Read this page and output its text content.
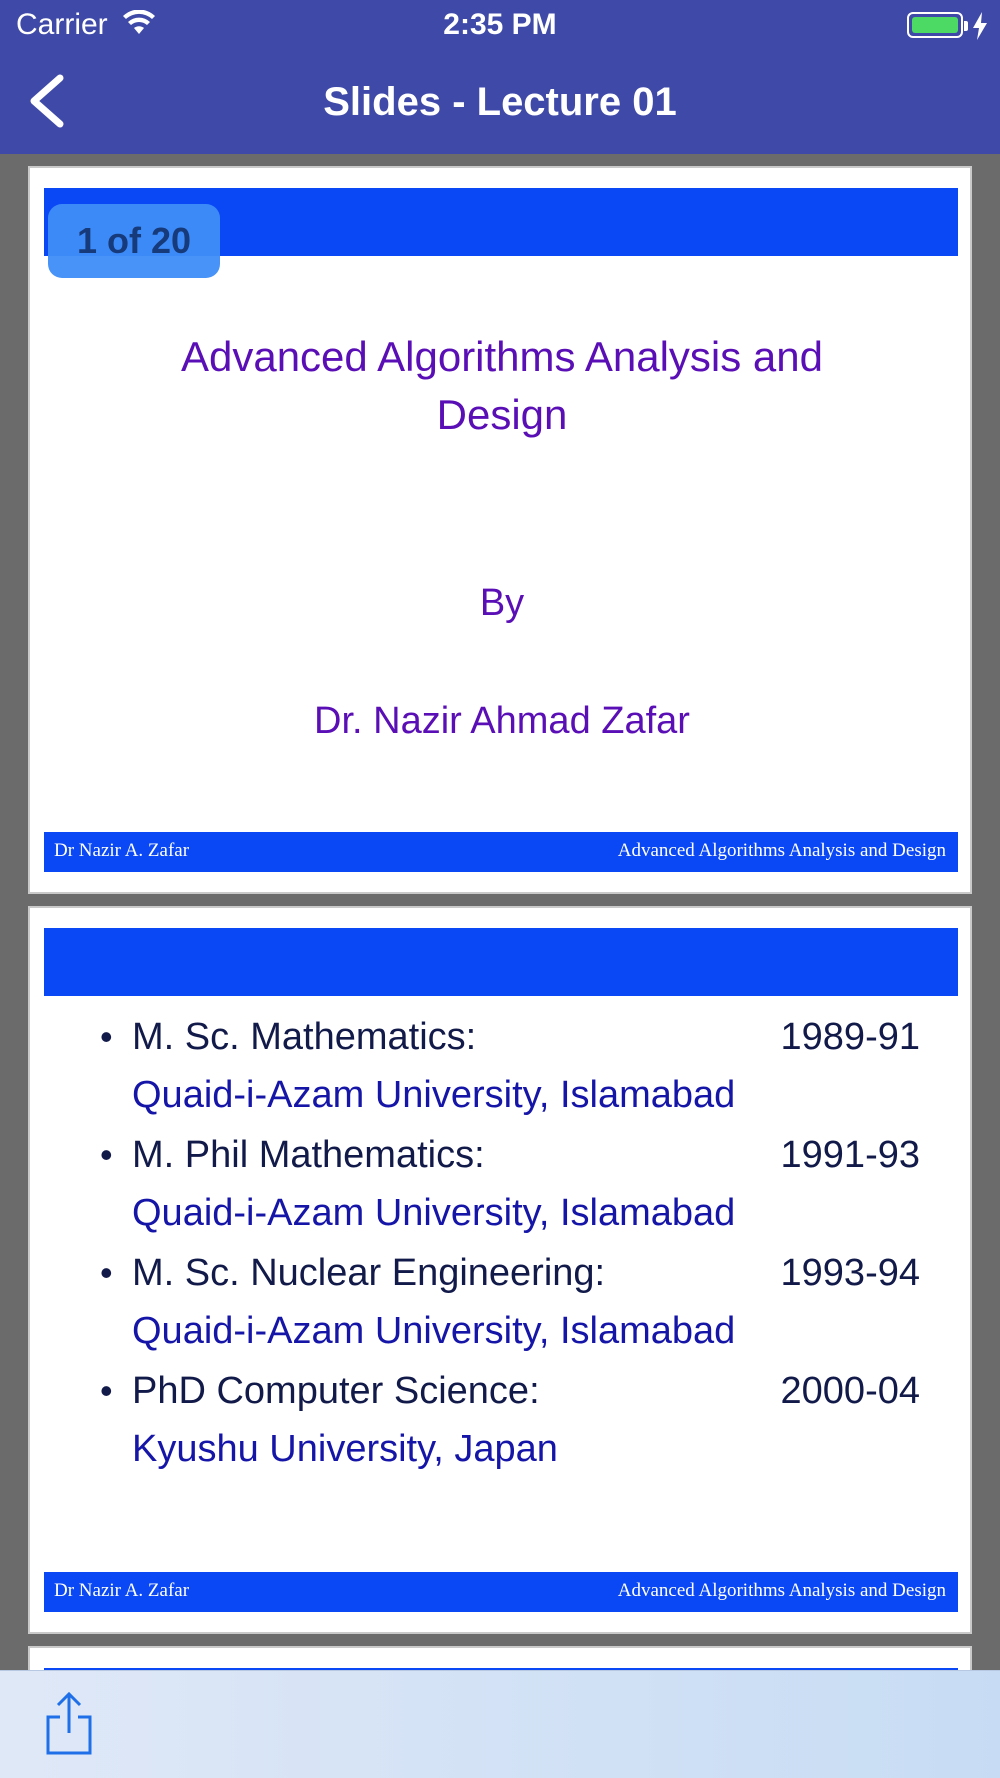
Carrier	2:35 PM
Slides - Lecture 01
Advanced Algorithms Analysis and Design
By
Dr. Nazir Ahmad Zafar
Dr Nazir A. Zafar	Advanced Algorithms Analysis and Design
• M. Sc. Mathematics:	1989-91
Quaid-i-Azam University, Islamabad
• M. Phil Mathematics:	1991-93
Quaid-i-Azam University, Islamabad
• M. Sc. Nuclear Engineering:	1993-94
Quaid-i-Azam University, Islamabad
• PhD Computer Science:	2000-04
Kyushu University, Japan
Dr Nazir A. Zafar	Advanced Algorithms Analysis and Design
1 of 20
